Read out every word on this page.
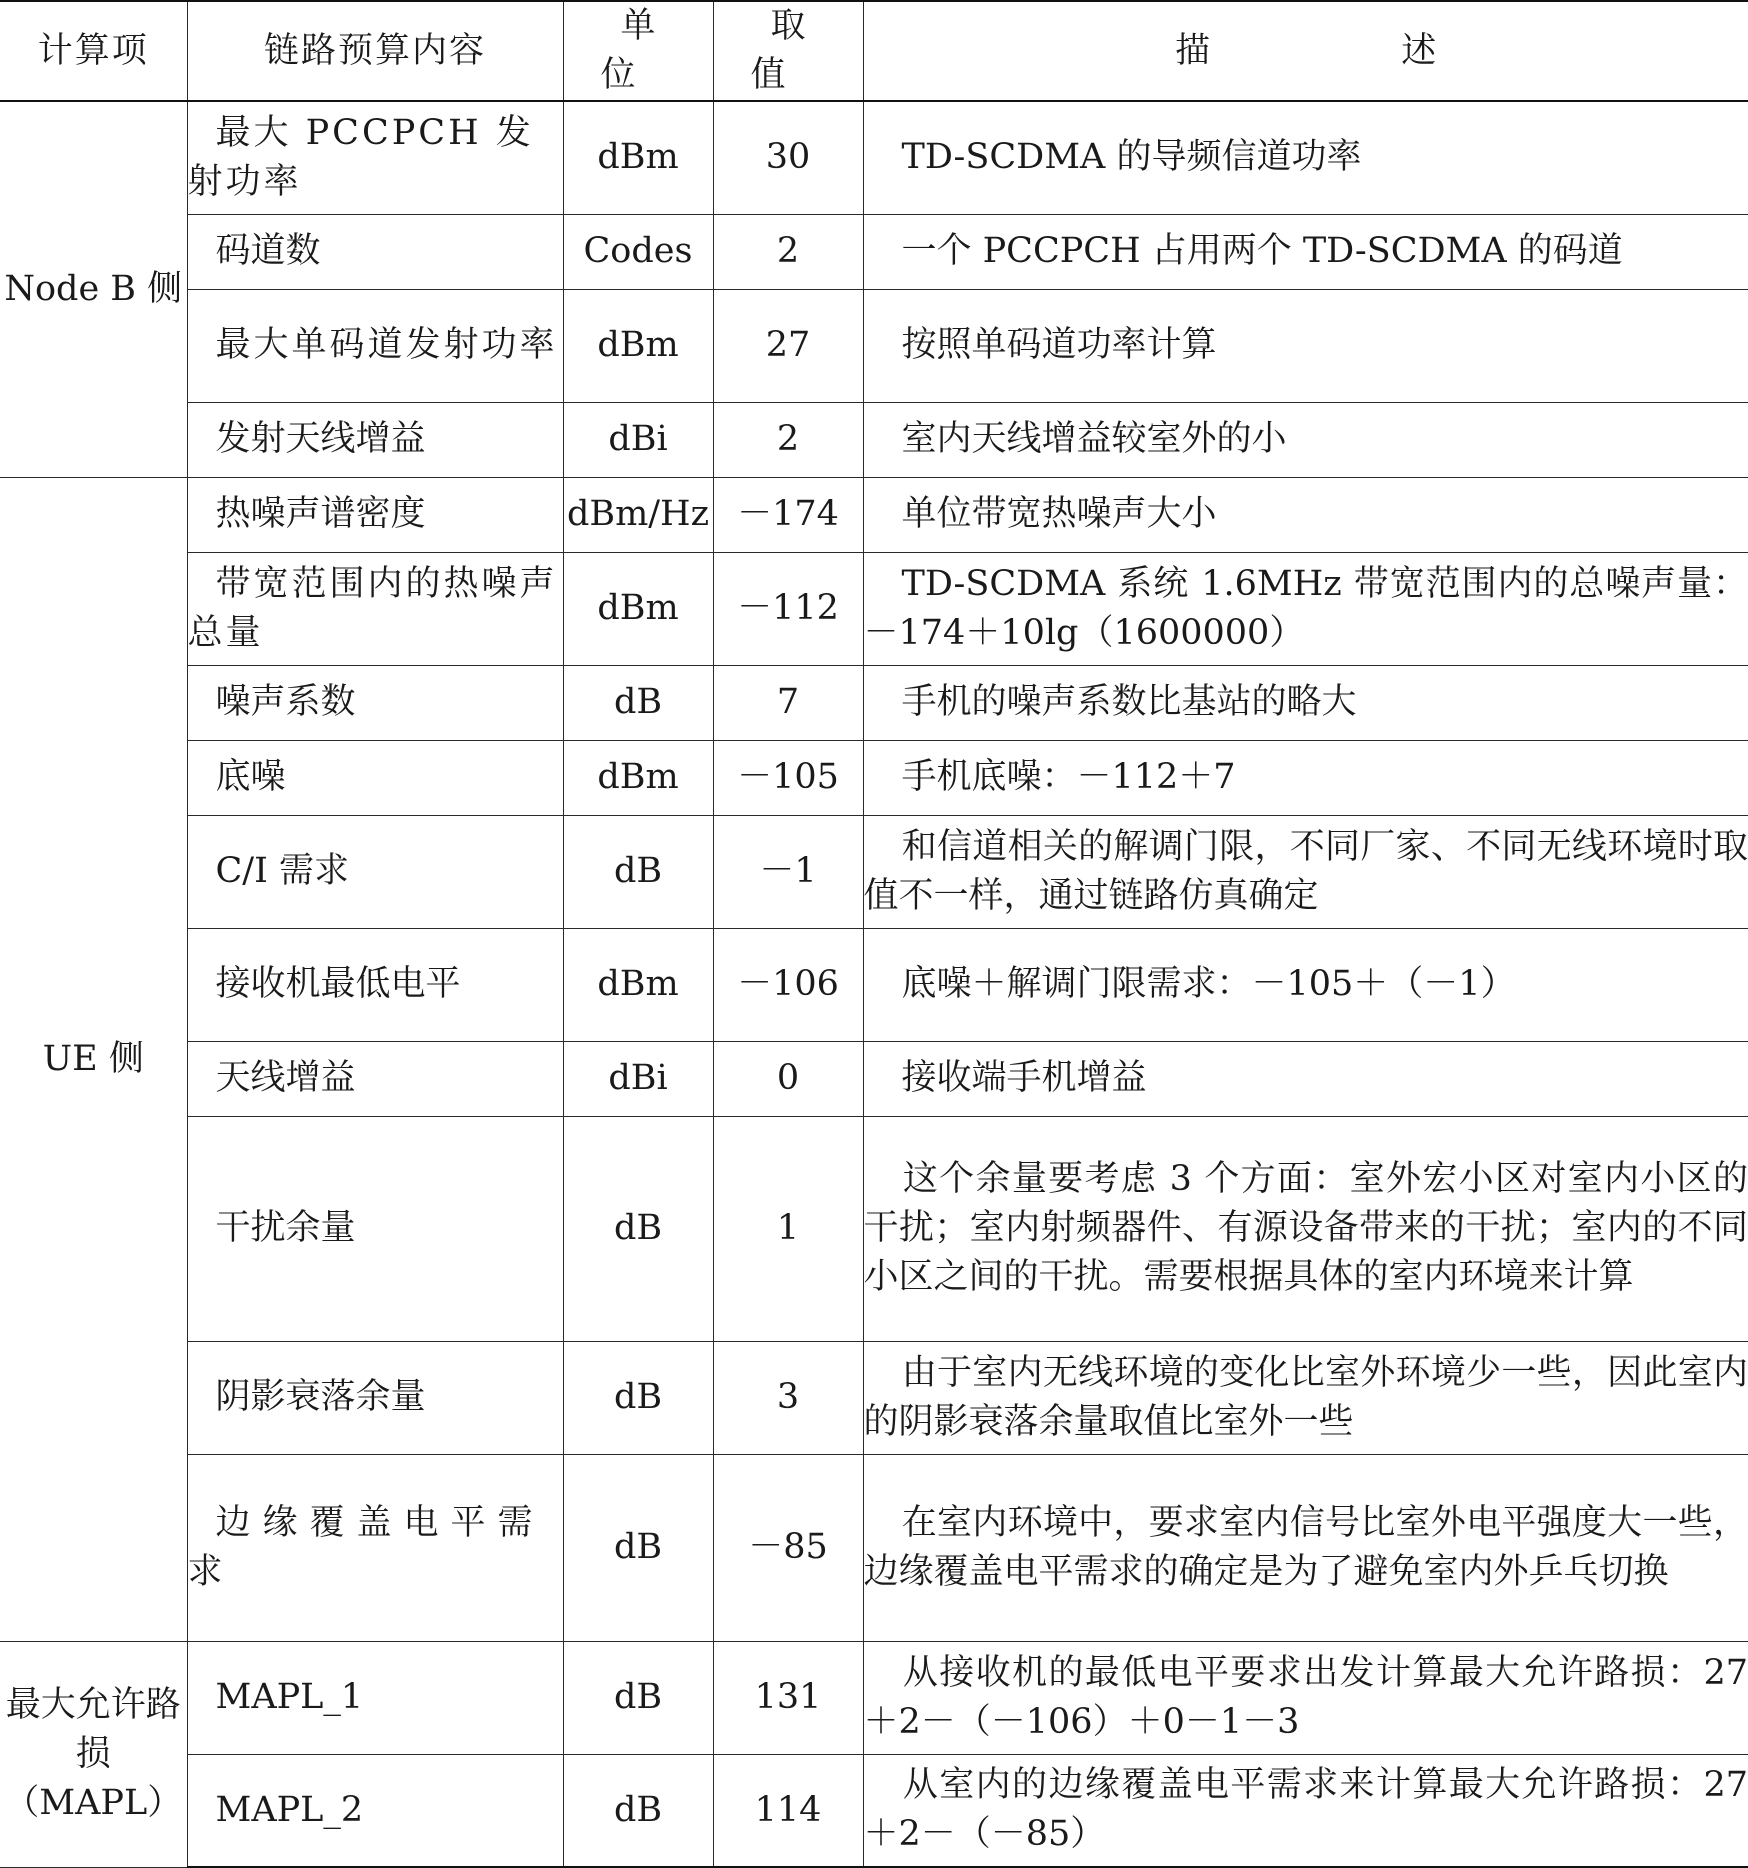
计算项	链路预算内容	单 位	取 值	描 述
Node B 侧	最大 PCCPCH 发射功率	dBm	30	TD-SCDMA 的导频信道功率
	码道数	Codes	2	一个 PCCPCH 占用两个 TD-SCDMA 的码道
	最大单码道发射功率	dBm	27	按照单码道功率计算
	发射天线增益	dBi	2	室内天线增益较室外的小
UE 侧	热噪声谱密度	dBm/Hz	－174	单位带宽热噪声大小
	带宽范围内的热噪声总量	dBm	－112	TD-SCDMA 系统 1.6MHz 带宽范围内的总噪声量：－174＋10lg（1600000）
	噪声系数	dB	7	手机的噪声系数比基站的略大
	底噪	dBm	－105	手机底噪：－112＋7
	C/I 需求	dB	－1	和信道相关的解调门限，不同厂家、不同无线环境时取值不一样，通过链路仿真确定
	接收机最低电平	dBm	－106	底噪＋解调门限需求：－105＋（－1）
	天线增益	dBi	0	接收端手机增益
	干扰余量	dB	1	这个余量要考虑 3 个方面：室外宏小区对室内小区的干扰；室内射频器件、有源设备带来的干扰；室内的不同小区之间的干扰。需要根据具体的室内环境来计算
	阴影衰落余量	dB	3	由于室内无线环境的变化比室外环境少一些，因此室内的阴影衰落余量取值比室外一些
	边缘覆盖电平需求	dB	－85	在室内环境中，要求室内信号比室外电平强度大一些，边缘覆盖电平需求的确定是为了避免室内外乒乓切换
最大允许路损（MAPL）	MAPL_1	dB	131	从接收机的最低电平要求出发计算最大允许路损：27＋2－（－106）＋0－1－3
	MAPL_2	dB	114	从室内的边缘覆盖电平需求来计算最大允许路损：27＋2－（－85）
